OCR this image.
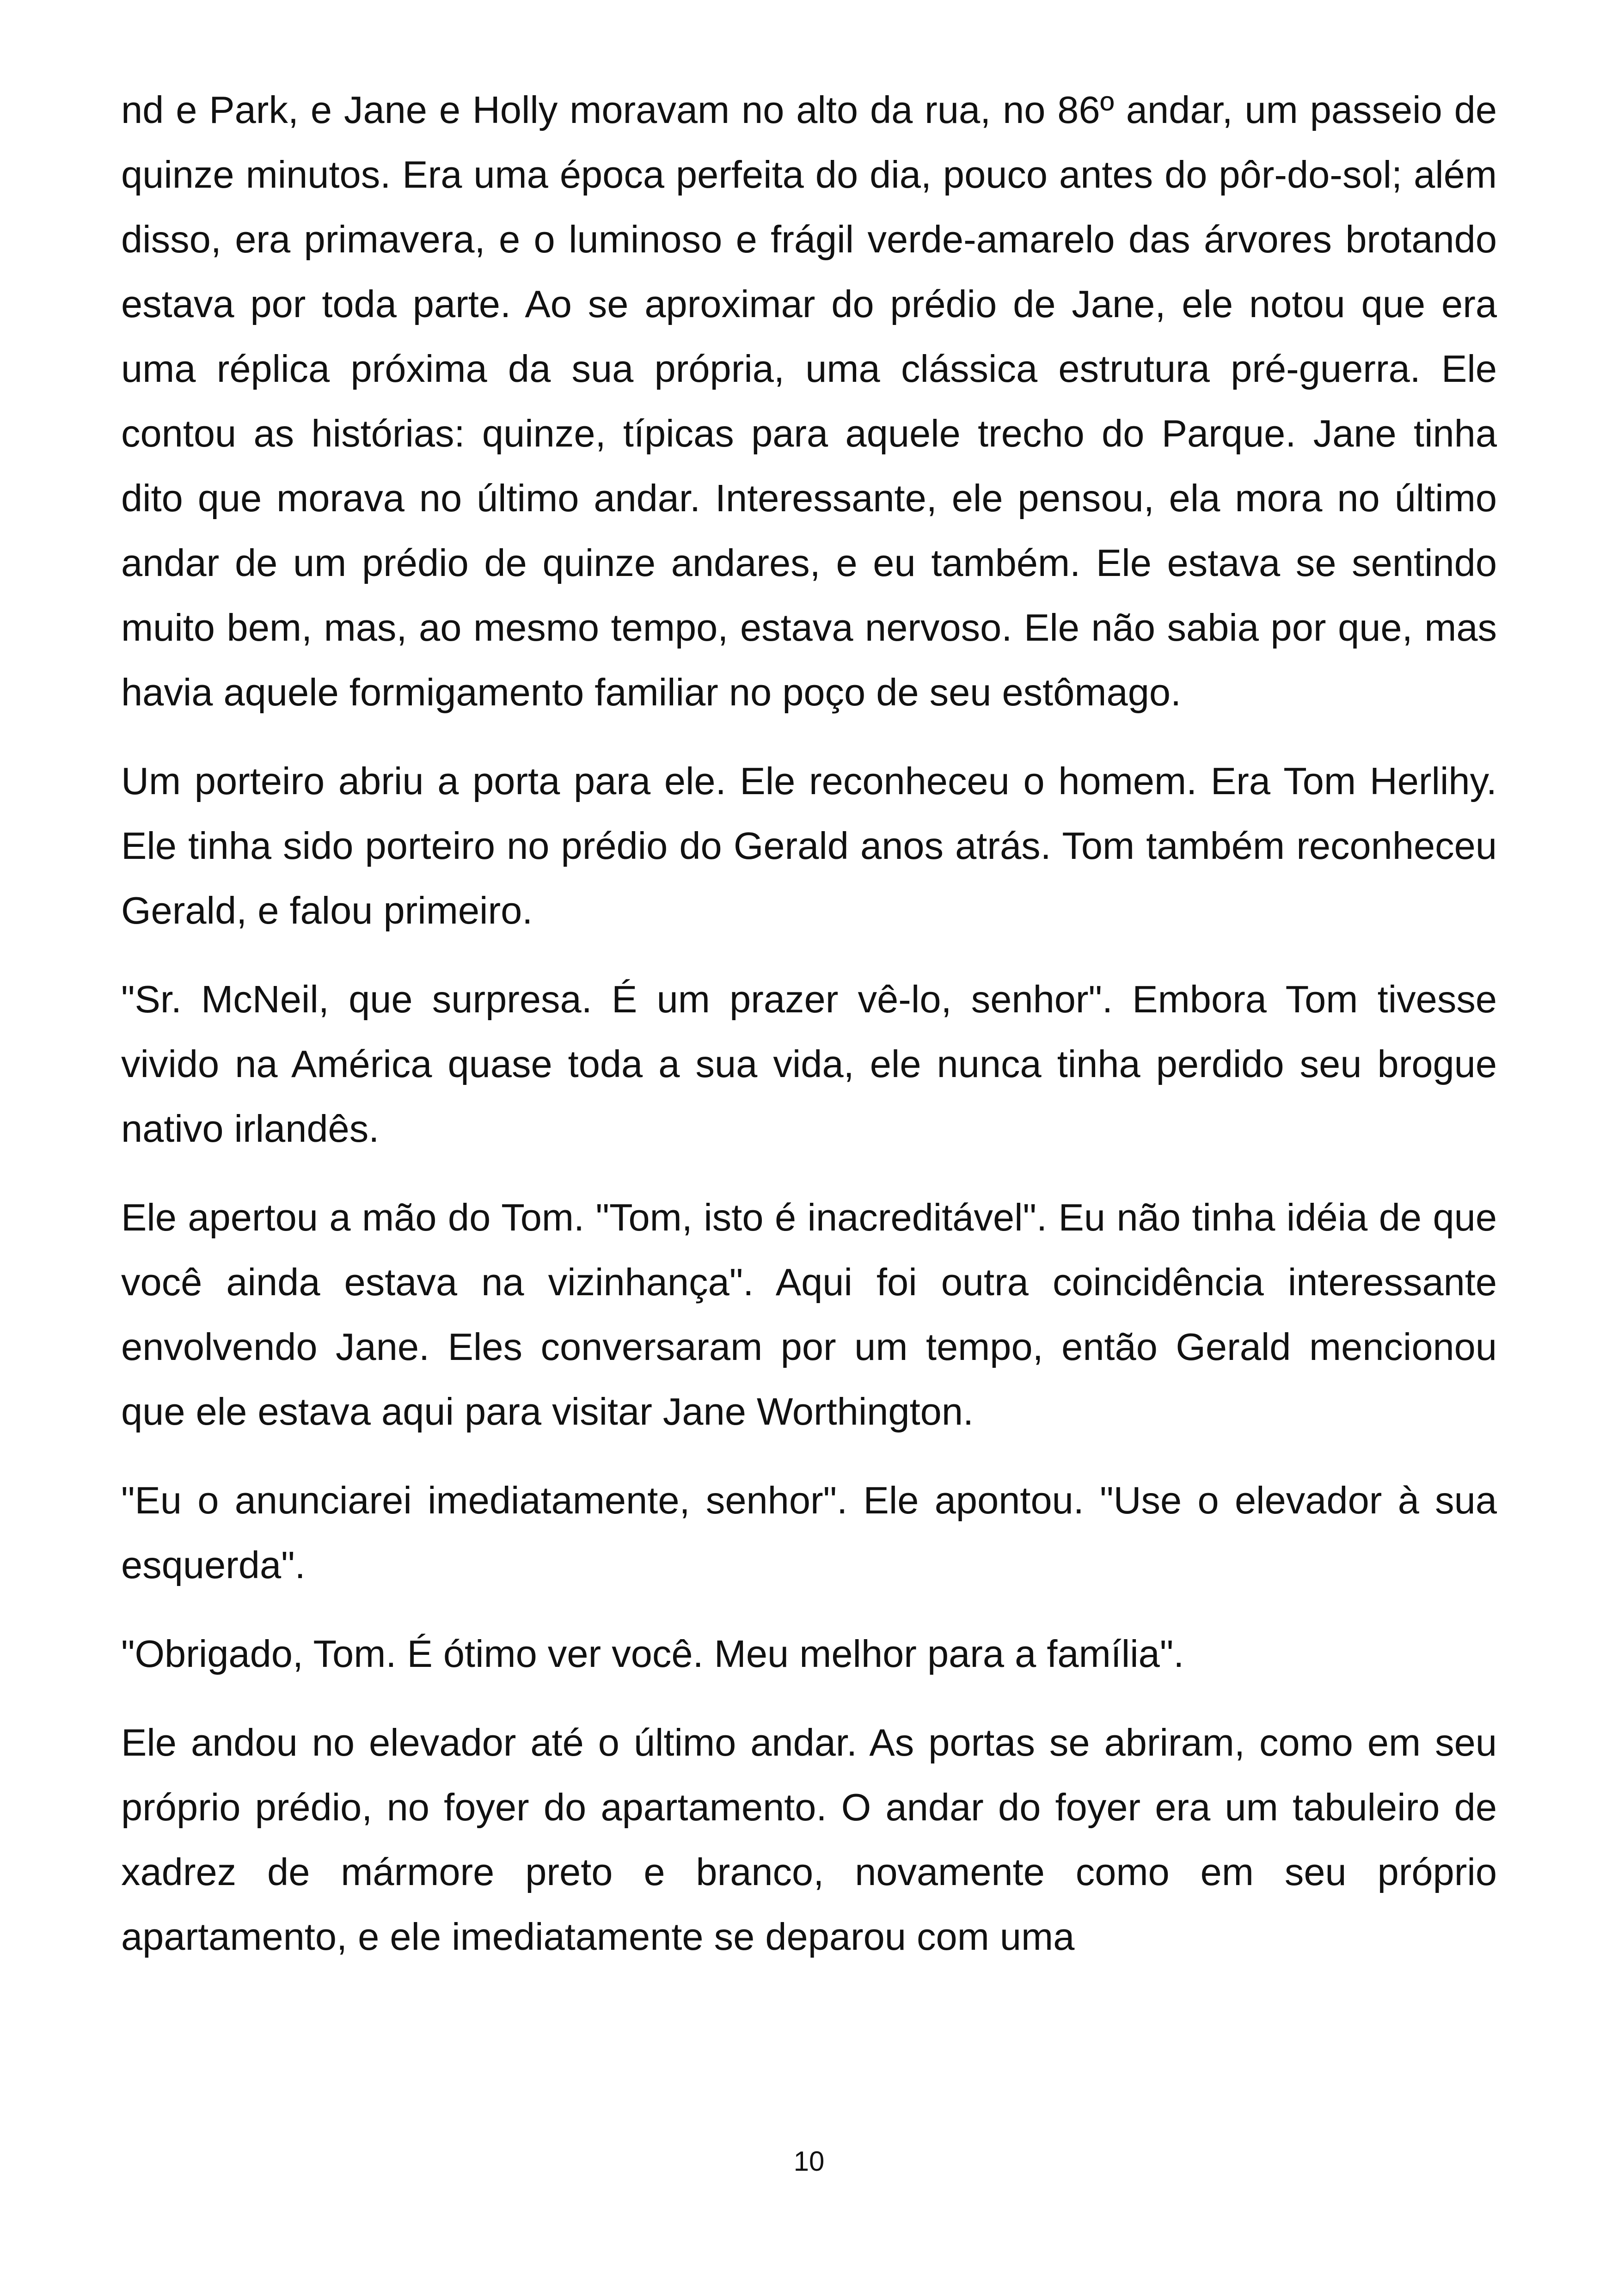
nd e Park, e Jane e Holly moravam no alto da rua, no 86º andar, um passeio de quinze minutos. Era uma época perfeita do dia, pouco antes do pôr-do-sol; além disso, era primavera, e o luminoso e frágil verde-amarelo das árvores brotando estava por toda parte. Ao se aproximar do prédio de Jane, ele notou que era uma réplica próxima da sua própria, uma clássica estrutura pré-guerra. Ele contou as histórias: quinze, típicas para aquele trecho do Parque. Jane tinha dito que morava no último andar. Interessante, ele pensou, ela mora no último andar de um prédio de quinze andares, e eu também. Ele estava se sentindo muito bem, mas, ao mesmo tempo, estava nervoso. Ele não sabia por que, mas havia aquele formigamento familiar no poço de seu estômago.

Um porteiro abriu a porta para ele. Ele reconheceu o homem. Era Tom Herlihy. Ele tinha sido porteiro no prédio do Gerald anos atrás. Tom também reconheceu Gerald, e falou primeiro.

"Sr. McNeil, que surpresa. É um prazer vê-lo, senhor". Embora Tom tivesse vivido na América quase toda a sua vida, ele nunca tinha perdido seu brogue nativo irlandês.

Ele apertou a mão do Tom. "Tom, isto é inacreditável". Eu não tinha idéia de que você ainda estava na vizinhança". Aqui foi outra coincidência interessante envolvendo Jane. Eles conversaram por um tempo, então Gerald mencionou que ele estava aqui para visitar Jane Worthington.

"Eu o anunciarei imediatamente, senhor". Ele apontou. "Use o elevador à sua esquerda".

"Obrigado, Tom. É ótimo ver você. Meu melhor para a família".

Ele andou no elevador até o último andar. As portas se abriram, como em seu próprio prédio, no foyer do apartamento. O andar do foyer era um tabuleiro de xadrez de mármore preto e branco, novamente como em seu próprio apartamento, e ele imediatamente se deparou com uma

10
